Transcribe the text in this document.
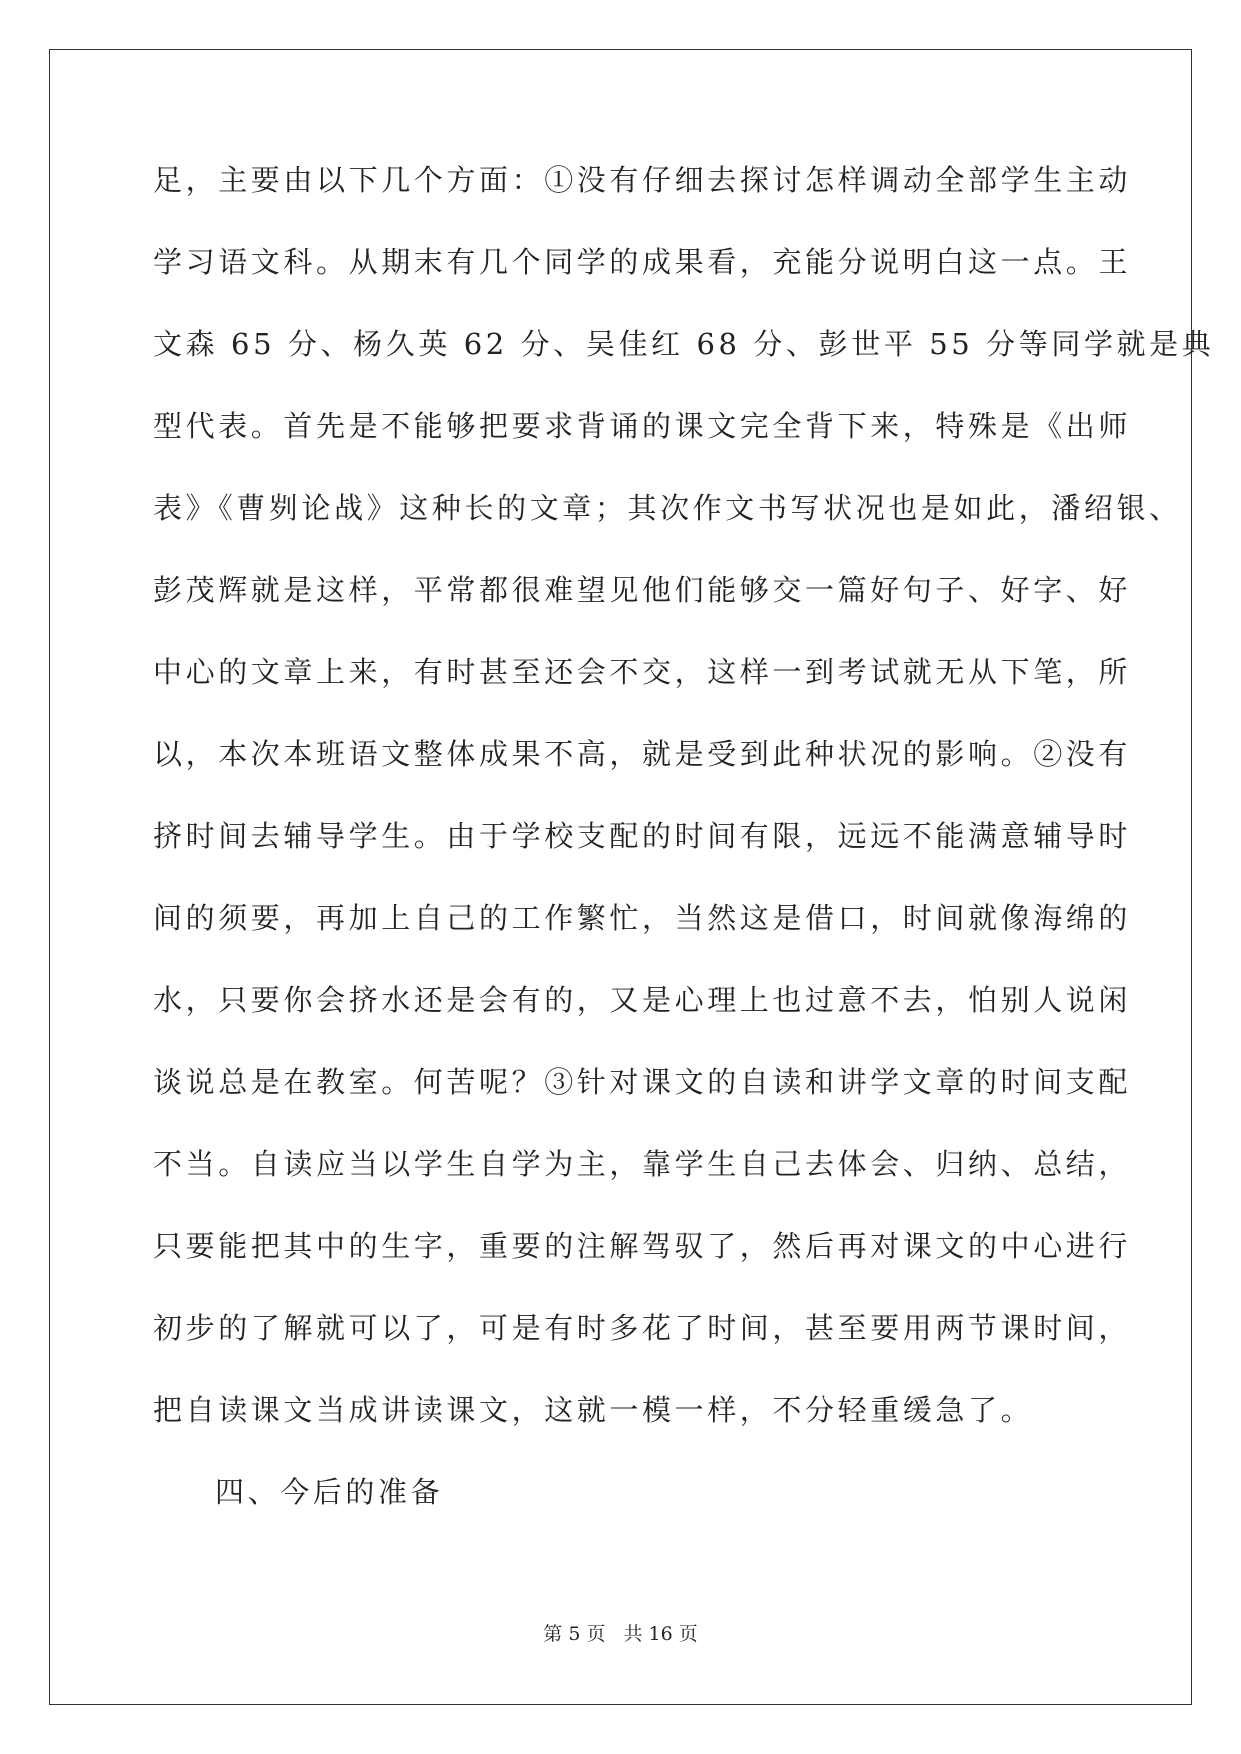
足，主要由以下几个方面：①没有仔细去探讨怎样调动全部学生主动
学习语文科。从期末有几个同学的成果看，充能分说明白这一点。王
文森 65 分、杨久英 62 分、吴佳红 68 分、彭世平 55 分等同学就是典
型代表。首先是不能够把要求背诵的课文完全背下来，特殊是《出师
表》《曹刿论战》这种长的文章；其次作文书写状况也是如此，潘绍银、
彭茂辉就是这样，平常都很难望见他们能够交一篇好句子、好字、好
中心的文章上来，有时甚至还会不交，这样一到考试就无从下笔，所
以，本次本班语文整体成果不高，就是受到此种状况的影响。②没有
挤时间去辅导学生。由于学校支配的时间有限，远远不能满意辅导时
间的须要，再加上自己的工作繁忙，当然这是借口，时间就像海绵的
水，只要你会挤水还是会有的，又是心理上也过意不去，怕别人说闲
谈说总是在教室。何苦呢？③针对课文的自读和讲学文章的时间支配
不当。自读应当以学生自学为主，靠学生自己去体会、归纳、总结，
只要能把其中的生字，重要的注解驾驭了，然后再对课文的中心进行
初步的了解就可以了，可是有时多花了时间，甚至要用两节课时间，
把自读课文当成讲读课文，这就一模一样，不分轻重缓急了。
四、今后的准备
第 5 页 共 16 页
